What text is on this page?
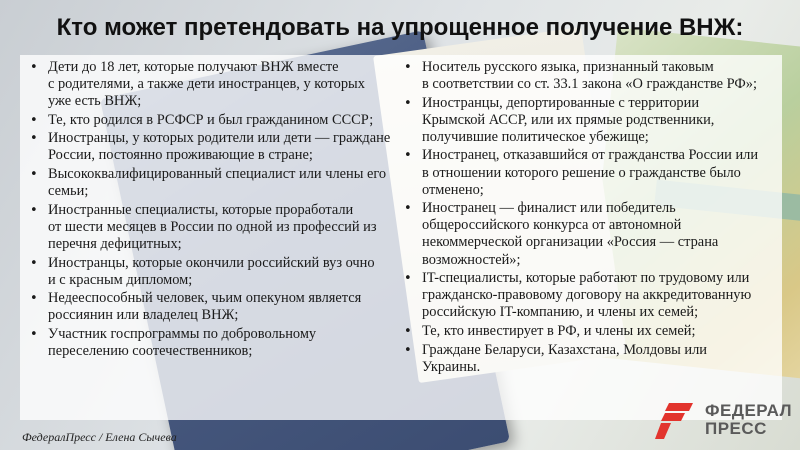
Кто может претендовать на упрощенное получение ВНЖ:
• Дети до 18 лет, которые получают ВНЖ вместе
с родителями, а также дети иностранцев, у которых
уже есть ВНЖ;
• Те, кто родился в РСФСР и был гражданином СССР;
• Иностранцы, у которых родители или дети — граждане
России, постоянно проживающие в стране;
• Высококвалифицированный специалист или члены его
семьи;
• Иностранные специалисты, которые проработали
от шести месяцев в России по одной из профессий из
перечня дефицитных;
• Иностранцы, которые окончили российский вуз очно
и с красным дипломом;
• Недееспособный человек, чьим опекуном является
россиянин или владелец ВНЖ;
• Участник госпрограммы по добровольному
переселению соотечественников;
• Носитель русского языка, признанный таковым
в соответствии со ст. 33.1 закона «О гражданстве РФ»;
• Иностранцы, депортированные с территории
Крымской АССР, или их прямые родственники,
получившие политическое убежище;
• Иностранец, отказавшийся от гражданства России или
в отношении которого решение о гражданстве было
отменено;
• Иностранец — финалист или победитель
общероссийского конкурса от автономной
некоммерческой организации «Россия — страна
возможностей»;
• IT-специалисты, которые работают по трудовому или
гражданско-правовому договору на аккредитованную
российскую IT-компанию, и члены их семей;
• Те, кто инвестирует в РФ, и члены их семей;
• Граждане Беларуси, Казахстана, Молдовы или
Украины.
ФедералПресс / Елена Сычева
ФЕДЕРАЛ
ПРЕСС
